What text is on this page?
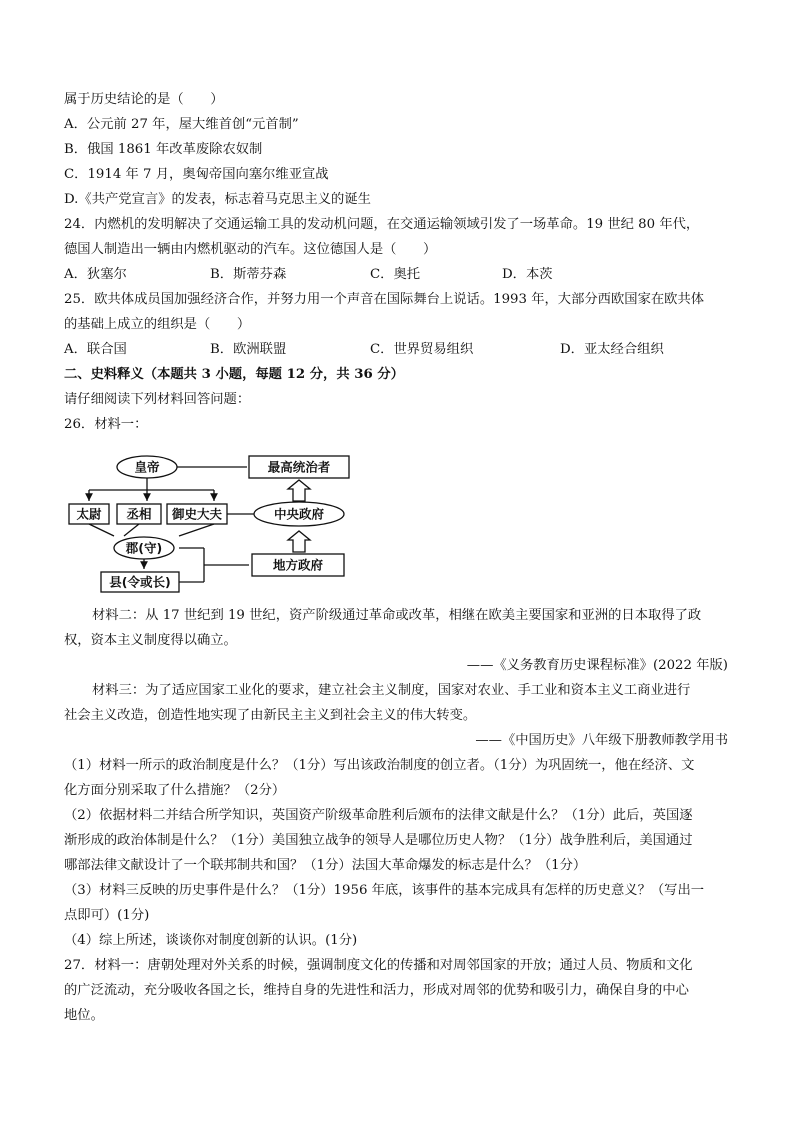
属于历史结论的是（　　）
A．公元前 27 年，屋大维首创“元首制”
B．俄国 1861 年改革废除农奴制
C．1914 年 7 月，奥匈帝国向塞尔维亚宣战
D.《共产党宣言》的发表，标志着马克思主义的诞生
24．内燃机的发明解决了交通运输工具的发动机问题，在交通运输领域引发了一场革命。19 世纪 80 年代，
德国人制造出一辆由内燃机驱动的汽车。这位德国人是（　　）
A．狄塞尔	B．斯蒂芬森	C．奥托	D．本茨
25．欧共体成员国加强经济合作，并努力用一个声音在国际舞台上说话。1993 年，大部分西欧国家在欧共体
的基础上成立的组织是（　　）
A．联合国	B．欧洲联盟	C．世界贸易组织	D．亚太经合组织
二、史料释义（本题共 3 小题，每题 12 分，共 36 分）
请仔细阅读下列材料回答问题：
26．材料一：
皇帝
太尉 丞相 御史大夫
郡(守)
县(令或长)
最高统治者
中央政府
地方政府
材料二：从 17 世纪到 19 世纪，资产阶级通过革命或改革，相继在欧美主要国家和亚洲的日本取得了政
权，资本主义制度得以确立。
——《义务教育历史课程标准》(2022 年版)
材料三：为了适应国家工业化的要求，建立社会主义制度，国家对农业、手工业和资本主义工商业进行
社会主义改造，创造性地实现了由新民主主义到社会主义的伟大转变。
——《中国历史》八年级下册教师教学用书
（1）材料一所示的政治制度是什么？（1分）写出该政治制度的创立者。（1分）为巩固统一，他在经济、文
化方面分别采取了什么措施？（2分）
（2）依据材料二并结合所学知识，英国资产阶级革命胜利后颁布的法律文献是什么？（1分）此后，英国逐
渐形成的政治体制是什么？（1分）美国独立战争的领导人是哪位历史人物？（1分）战争胜利后，美国通过
哪部法律文献设计了一个联邦制共和国？（1分）法国大革命爆发的标志是什么？（1分）
（3）材料三反映的历史事件是什么？（1分）1956 年底，该事件的基本完成具有怎样的历史意义？（写出一
点即可）(1分)
（4）综上所述，谈谈你对制度创新的认识。(1分)
27．材料一：唐朝处理对外关系的时候，强调制度文化的传播和对周邻国家的开放；通过人员、物质和文化
的广泛流动，充分吸收各国之长，维持自身的先进性和活力，形成对周邻的优势和吸引力，确保自身的中心
地位。
